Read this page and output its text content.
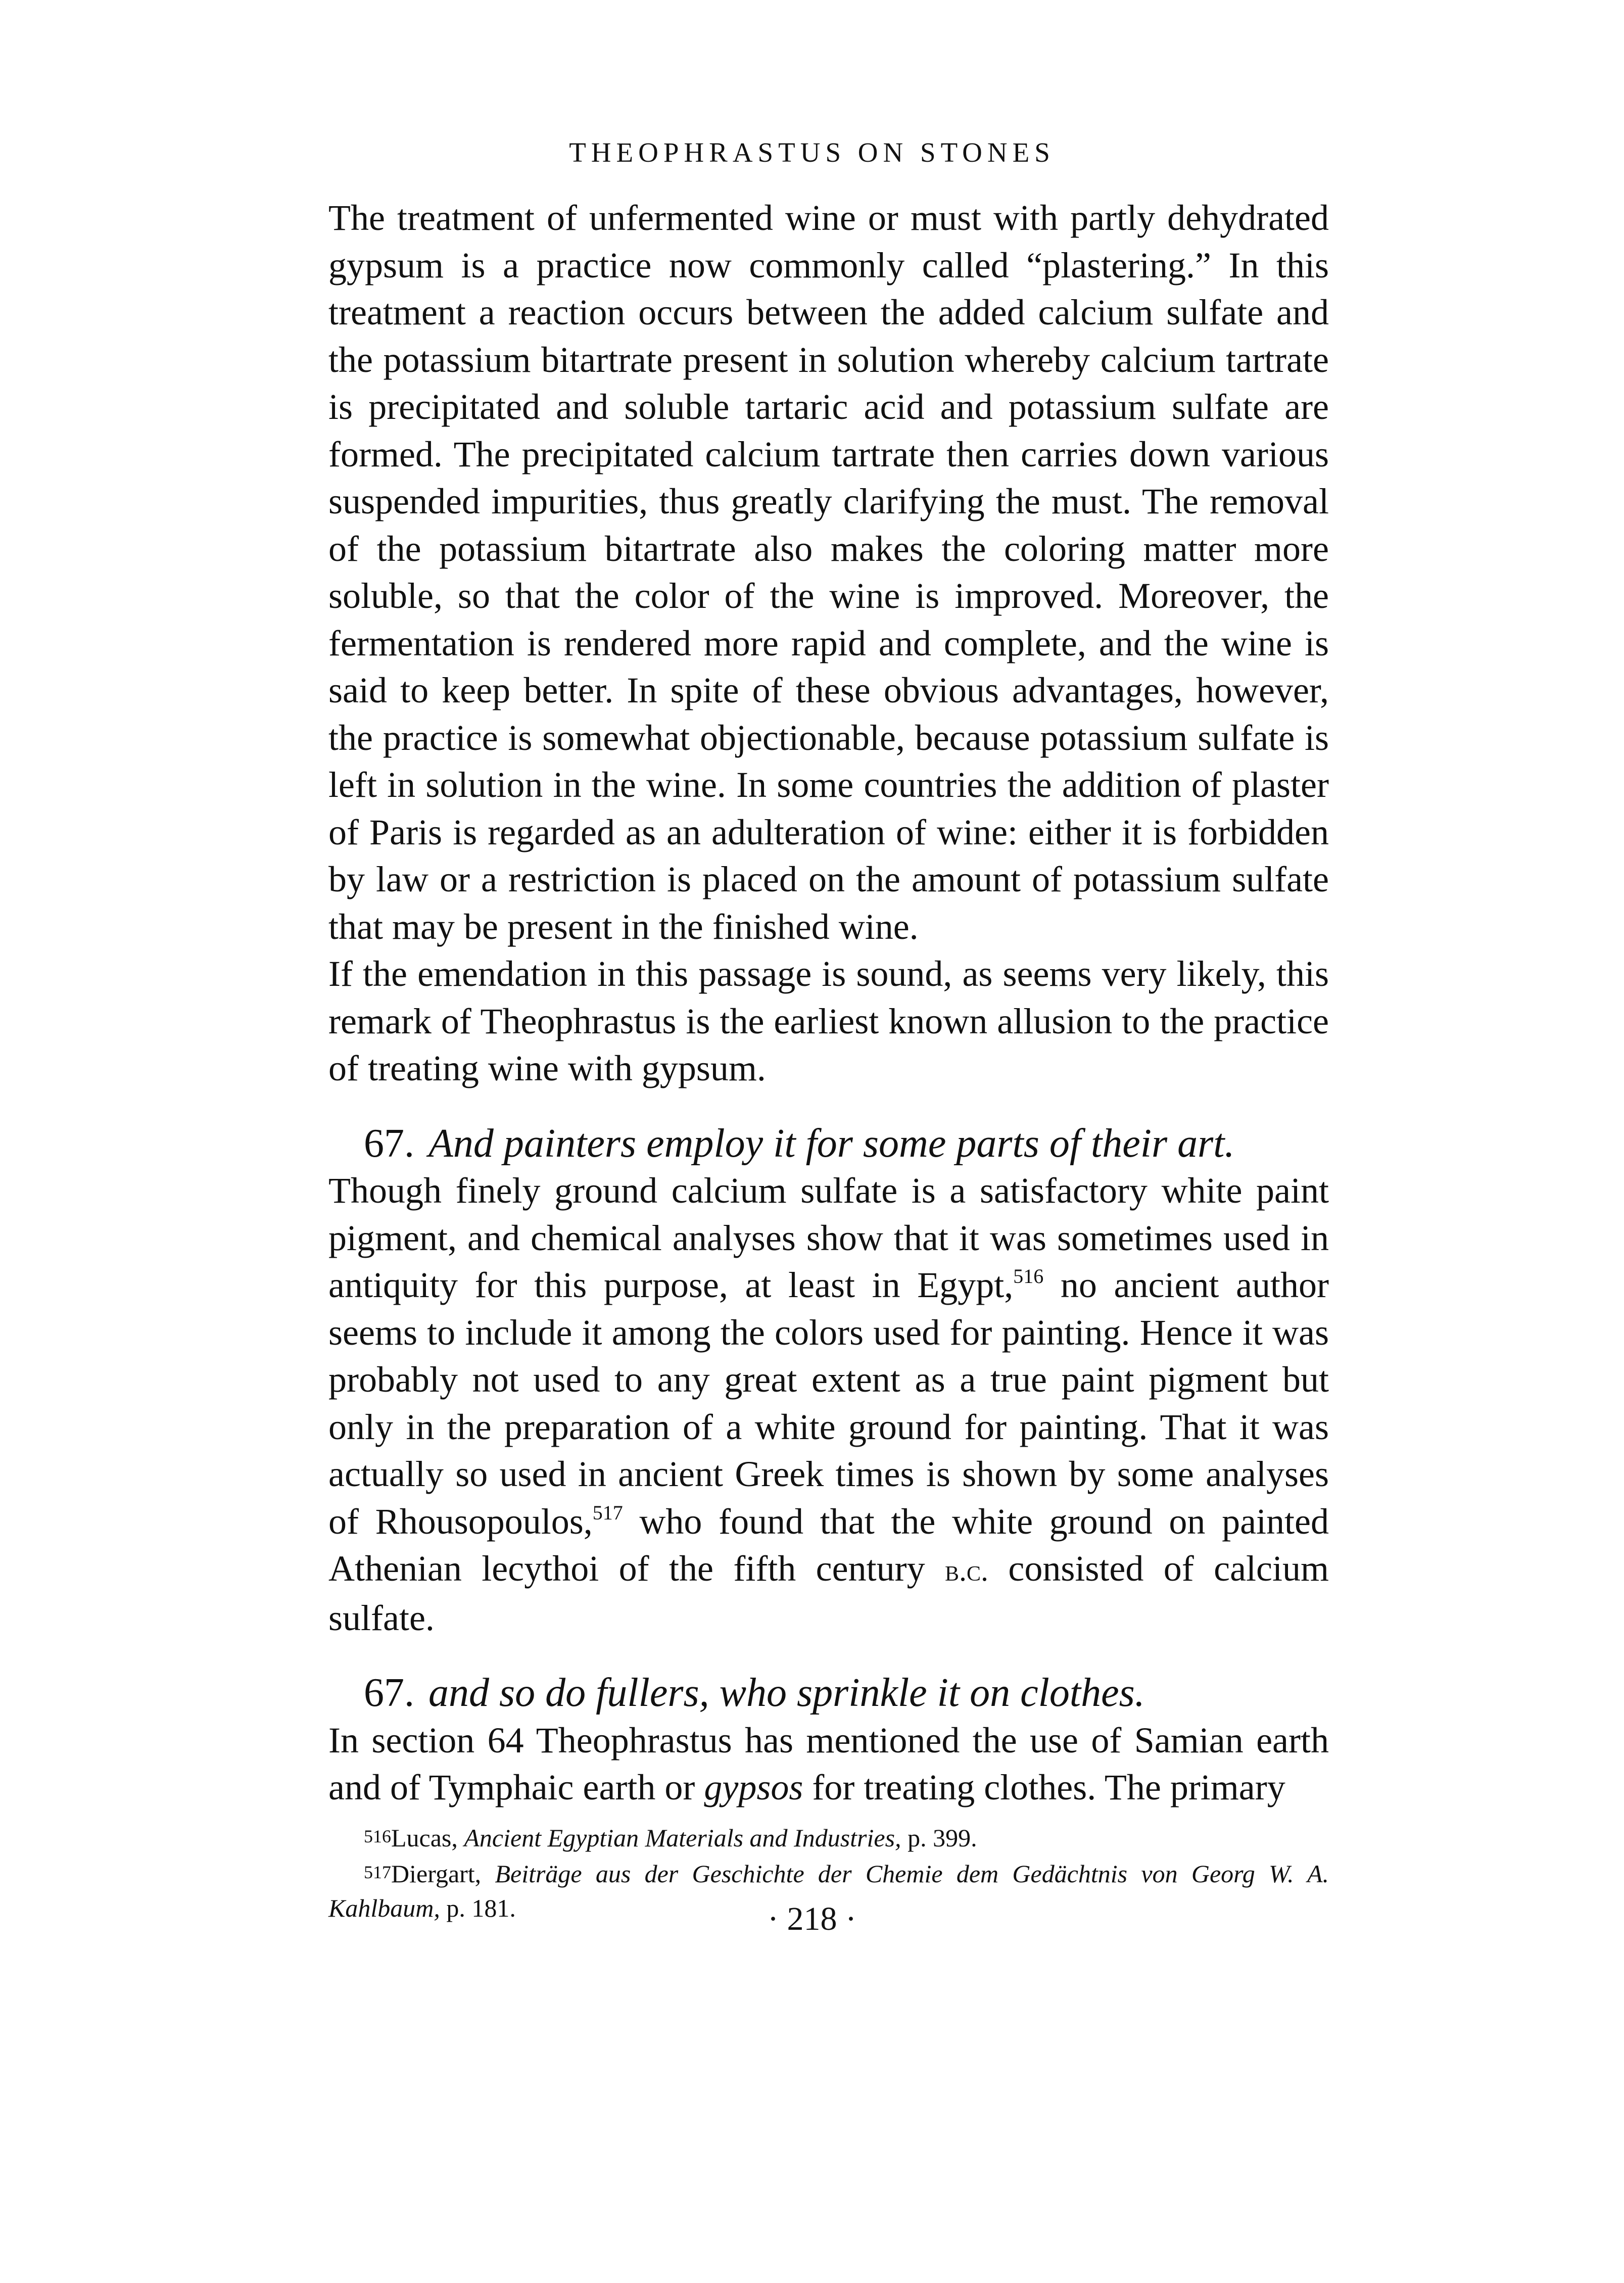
THEOPHRASTUS ON STONES

The treatment of unfermented wine or must with partly dehydrated gypsum is a practice now commonly called “plastering.” In this treatment a reaction occurs between the added calcium sulfate and the potassium bitartrate present in solution whereby calcium tartrate is precipitated and soluble tartaric acid and potassium sulfate are formed. The precipitated calcium tartrate then carries down various suspended impurities, thus greatly clarifying the must. The removal of the potassium bitartrate also makes the coloring matter more soluble, so that the color of the wine is improved. Moreover, the fermentation is rendered more rapid and complete, and the wine is said to keep better. In spite of these obvious advantages, however, the practice is somewhat objectionable, because potassium sulfate is left in solution in the wine. In some countries the addition of plaster of Paris is regarded as an adulteration of wine: either it is forbidden by law or a restriction is placed on the amount of potassium sulfate that may be present in the finished wine.

If the emendation in this passage is sound, as seems very likely, this remark of Theophrastus is the earliest known allusion to the practice of treating wine with gypsum.

67. And painters employ it for some parts of their art.

Though finely ground calcium sulfate is a satisfactory white paint pigment, and chemical analyses show that it was sometimes used in antiquity for this purpose, at least in Egypt,$^{516}$ no ancient author seems to include it among the colors used for painting. Hence it was probably not used to any great extent as a true paint pigment but only in the preparation of a white ground for painting. That it was actually so used in ancient Greek times is shown by some analyses of Rhousopoulos,$^{517}$ who found that the white ground on painted Athenian lecythoi of the fifth century b.c. consisted of calcium sulfate.

67. and so do fullers, who sprinkle it on clothes.

In section 64 Theophrastus has mentioned the use of Samian earth and of Tymphaic earth or gypsos for treating clothes. The primary

516Lucas, Ancient Egyptian Materials and Industries, p. 399.

517Diergart, Beiträge aus der Geschichte der Chemie dem Gedächtnis von Georg W. A. Kahlbaum, p. 181.	· 218 ·
